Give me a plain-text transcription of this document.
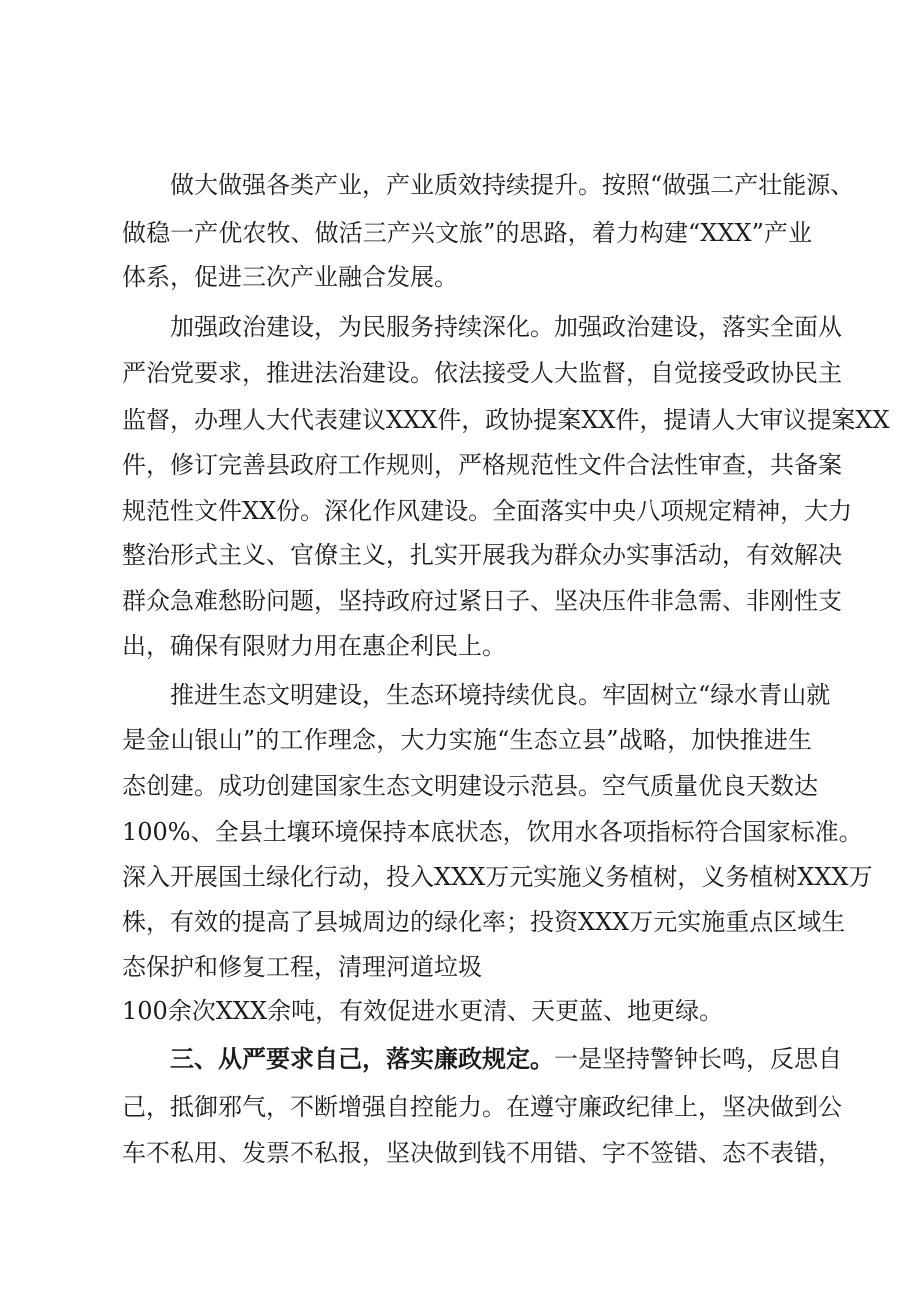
做大做强各类产业，产业质效持续提升。按照“做强二产壮能源、
做稳一产优农牧、做活三产兴文旅”的思路，着力构建“XXX”产业
体系，促进三次产业融合发展。
加强政治建设，为民服务持续深化。加强政治建设，落实全面从
严治党要求，推进法治建设。依法接受人大监督，自觉接受政协民主
监督，办理人大代表建议XXX件，政协提案XX件，提请人大审议提案XX
件，修订完善县政府工作规则，严格规范性文件合法性审查，共备案
规范性文件XX份。深化作风建设。全面落实中央八项规定精神，大力
整治形式主义、官僚主义，扎实开展我为群众办实事活动，有效解决
群众急难愁盼问题，坚持政府过紧日子、坚决压件非急需、非刚性支
出，确保有限财力用在惠企利民上。
推进生态文明建设，生态环境持续优良。牢固树立“绿水青山就
是金山银山”的工作理念，大力实施“生态立县”战略，加快推进生
态创建。成功创建国家生态文明建设示范县。空气质量优良天数达
100%、全县土壤环境保持本底状态，饮用水各项指标符合国家标准。
深入开展国土绿化行动，投入XXX万元实施义务植树，义务植树XXX万
株，有效的提高了县城周边的绿化率；投资XXX万元实施重点区域生
态保护和修复工程，清理河道垃圾
100余次XXX余吨，有效促进水更清、天更蓝、地更绿。
三、从严要求自己，落实廉政规定。一是坚持警钟长鸣，反思自
己，抵御邪气，不断增强自控能力。在遵守廉政纪律上，坚决做到公
车不私用、发票不私报，坚决做到钱不用错、字不签错、态不表错，
